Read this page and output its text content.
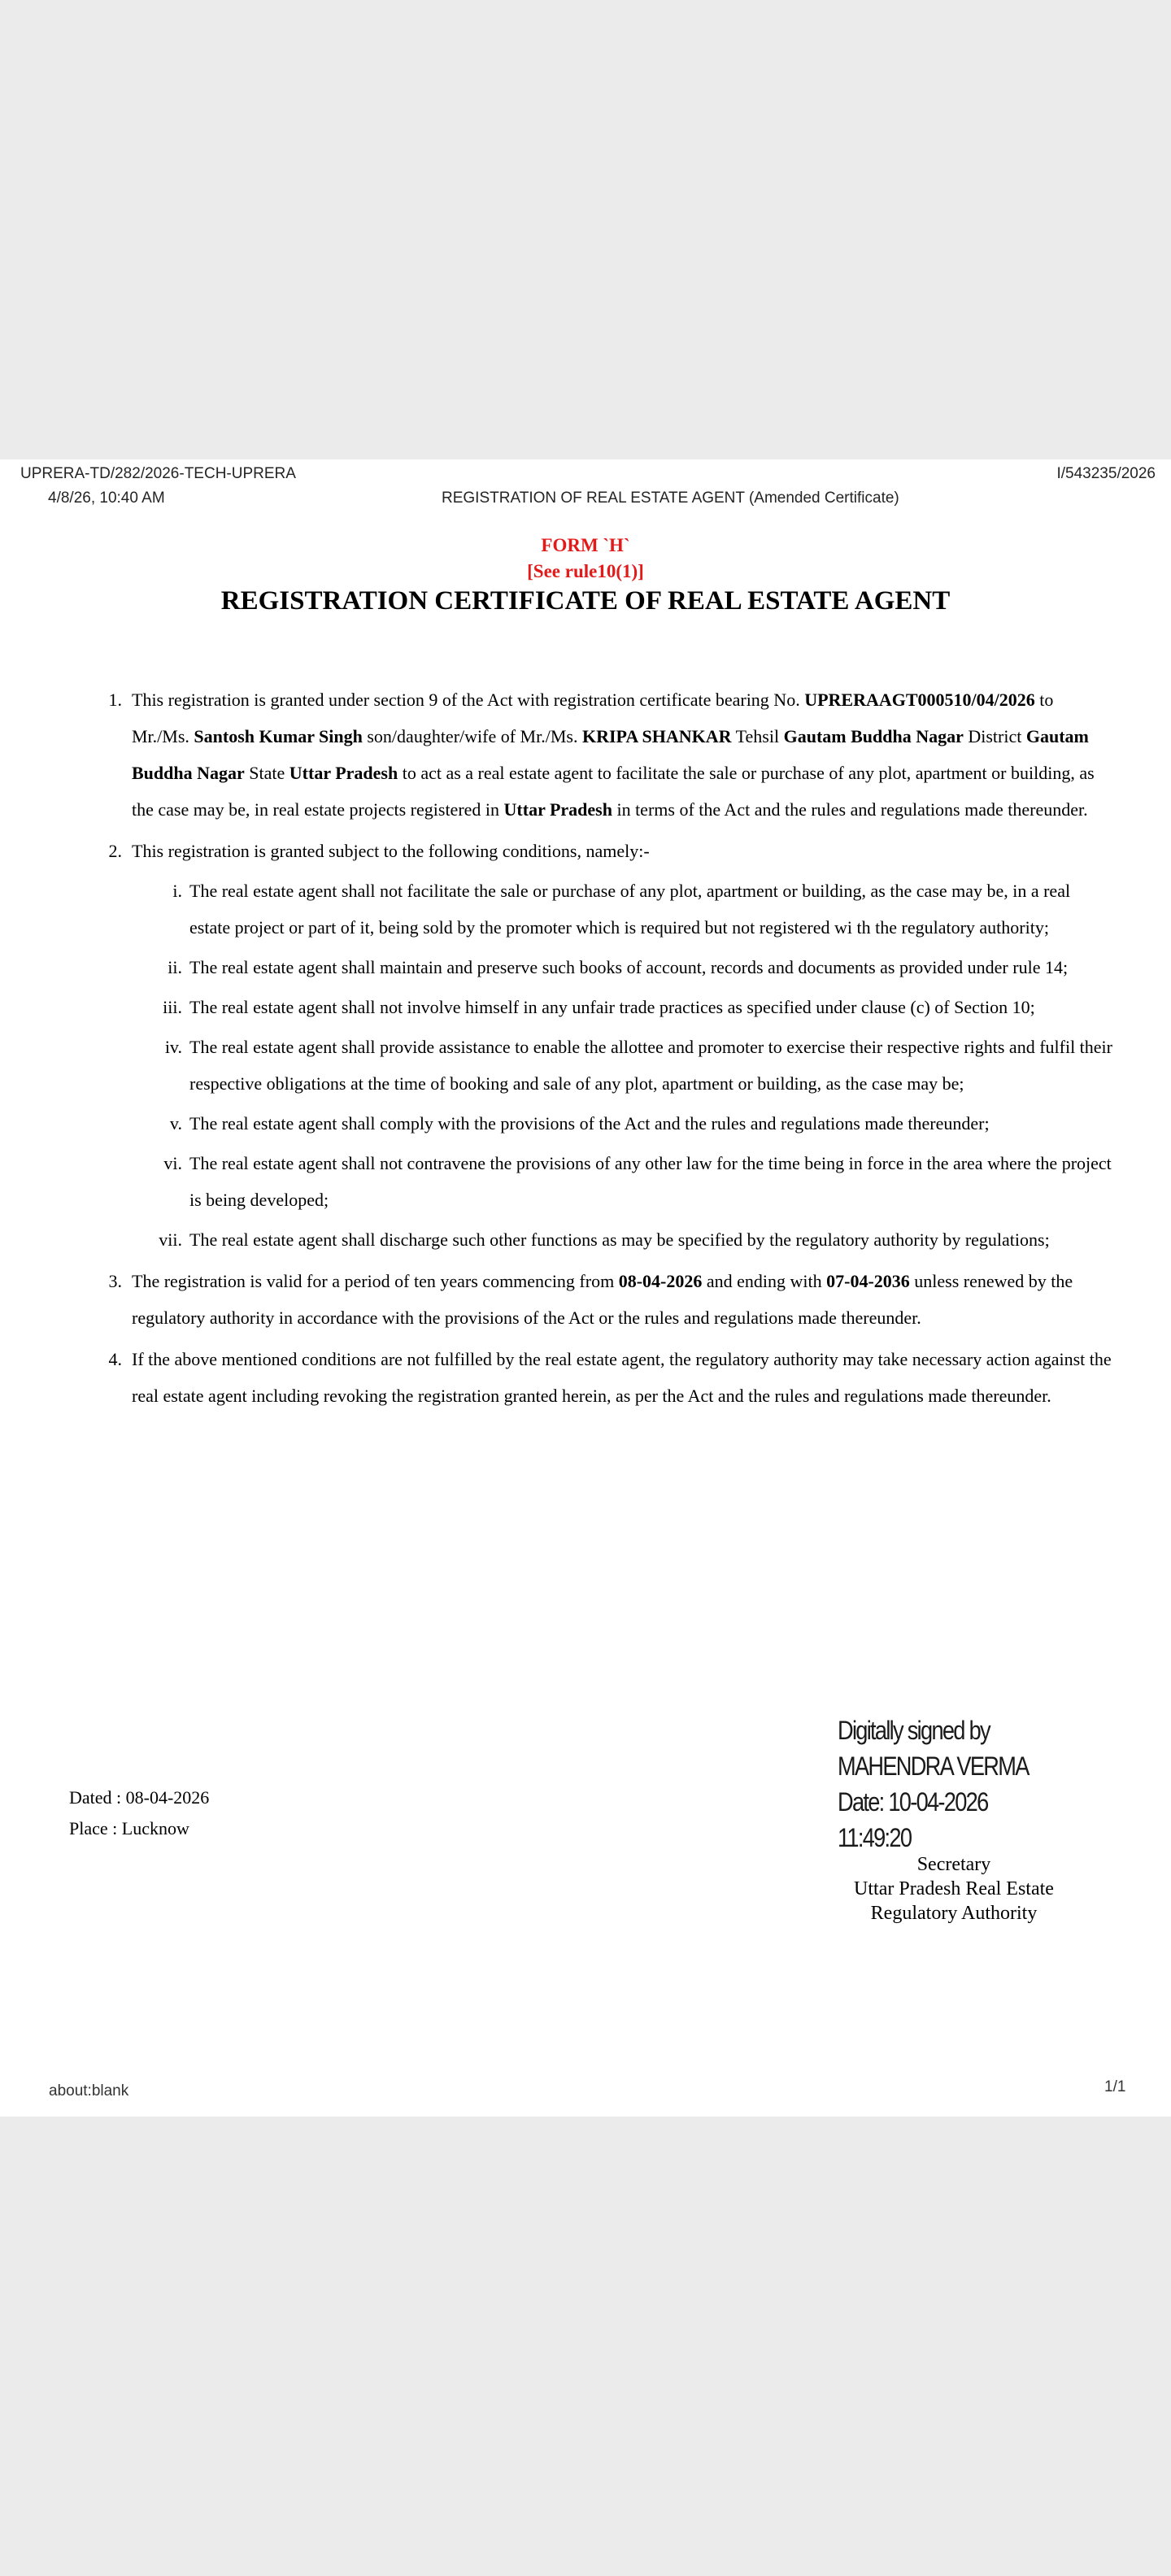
UPRERA-TD/282/2026-TECH-UPRERA	I/543235/2026
4/8/26, 10:40 AM	REGISTRATION OF REAL ESTATE AGENT (Amended Certificate)
FORM `H`
[See rule10(1)]
REGISTRATION CERTIFICATE OF REAL ESTATE AGENT
1. This registration is granted under section 9 of the Act with registration certificate bearing No. UPRERAAGT000510/04/2026 to Mr./Ms. Santosh Kumar Singh son/daughter/wife of Mr./Ms. KRIPA SHANKAR Tehsil Gautam Buddha Nagar District Gautam Buddha Nagar State Uttar Pradesh to act as a real estate agent to facilitate the sale or purchase of any plot, apartment or building, as the case may be, in real estate projects registered in Uttar Pradesh in terms of the Act and the rules and regulations made thereunder.
2. This registration is granted subject to the following conditions, namely:-
i. The real estate agent shall not facilitate the sale or purchase of any plot, apartment or building, as the case may be, in a real estate project or part of it, being sold by the promoter which is required but not registered wi th the regulatory authority;
ii. The real estate agent shall maintain and preserve such books of account, records and documents as provided under rule 14;
iii. The real estate agent shall not involve himself in any unfair trade practices as specified under clause (c) of Section 10;
iv. The real estate agent shall provide assistance to enable the allottee and promoter to exercise their respective rights and fulfil their respective obligations at the time of booking and sale of any plot, apartment or building, as the case may be;
v. The real estate agent shall comply with the provisions of the Act and the rules and regulations made thereunder;
vi. The real estate agent shall not contravene the provisions of any other law for the time being in force in the area where the project is being developed;
vii. The real estate agent shall discharge such other functions as may be specified by the regulatory authority by regulations;
3. The registration is valid for a period of ten years commencing from 08-04-2026 and ending with 07-04-2036 unless renewed by the regulatory authority in accordance with the provisions of the Act or the rules and regulations made thereunder.
4. If the above mentioned conditions are not fulfilled by the real estate agent, the regulatory authority may take necessary action against the real estate agent including revoking the registration granted herein, as per the Act and the rules and regulations made thereunder.
Dated : 08-04-2026
Place : Lucknow
Digitally signed by
MAHENDRA VERMA
Date: 10-04-2026
11:49:20
Secretary
Uttar Pradesh Real Estate
Regulatory Authority
about:blank	1/1
